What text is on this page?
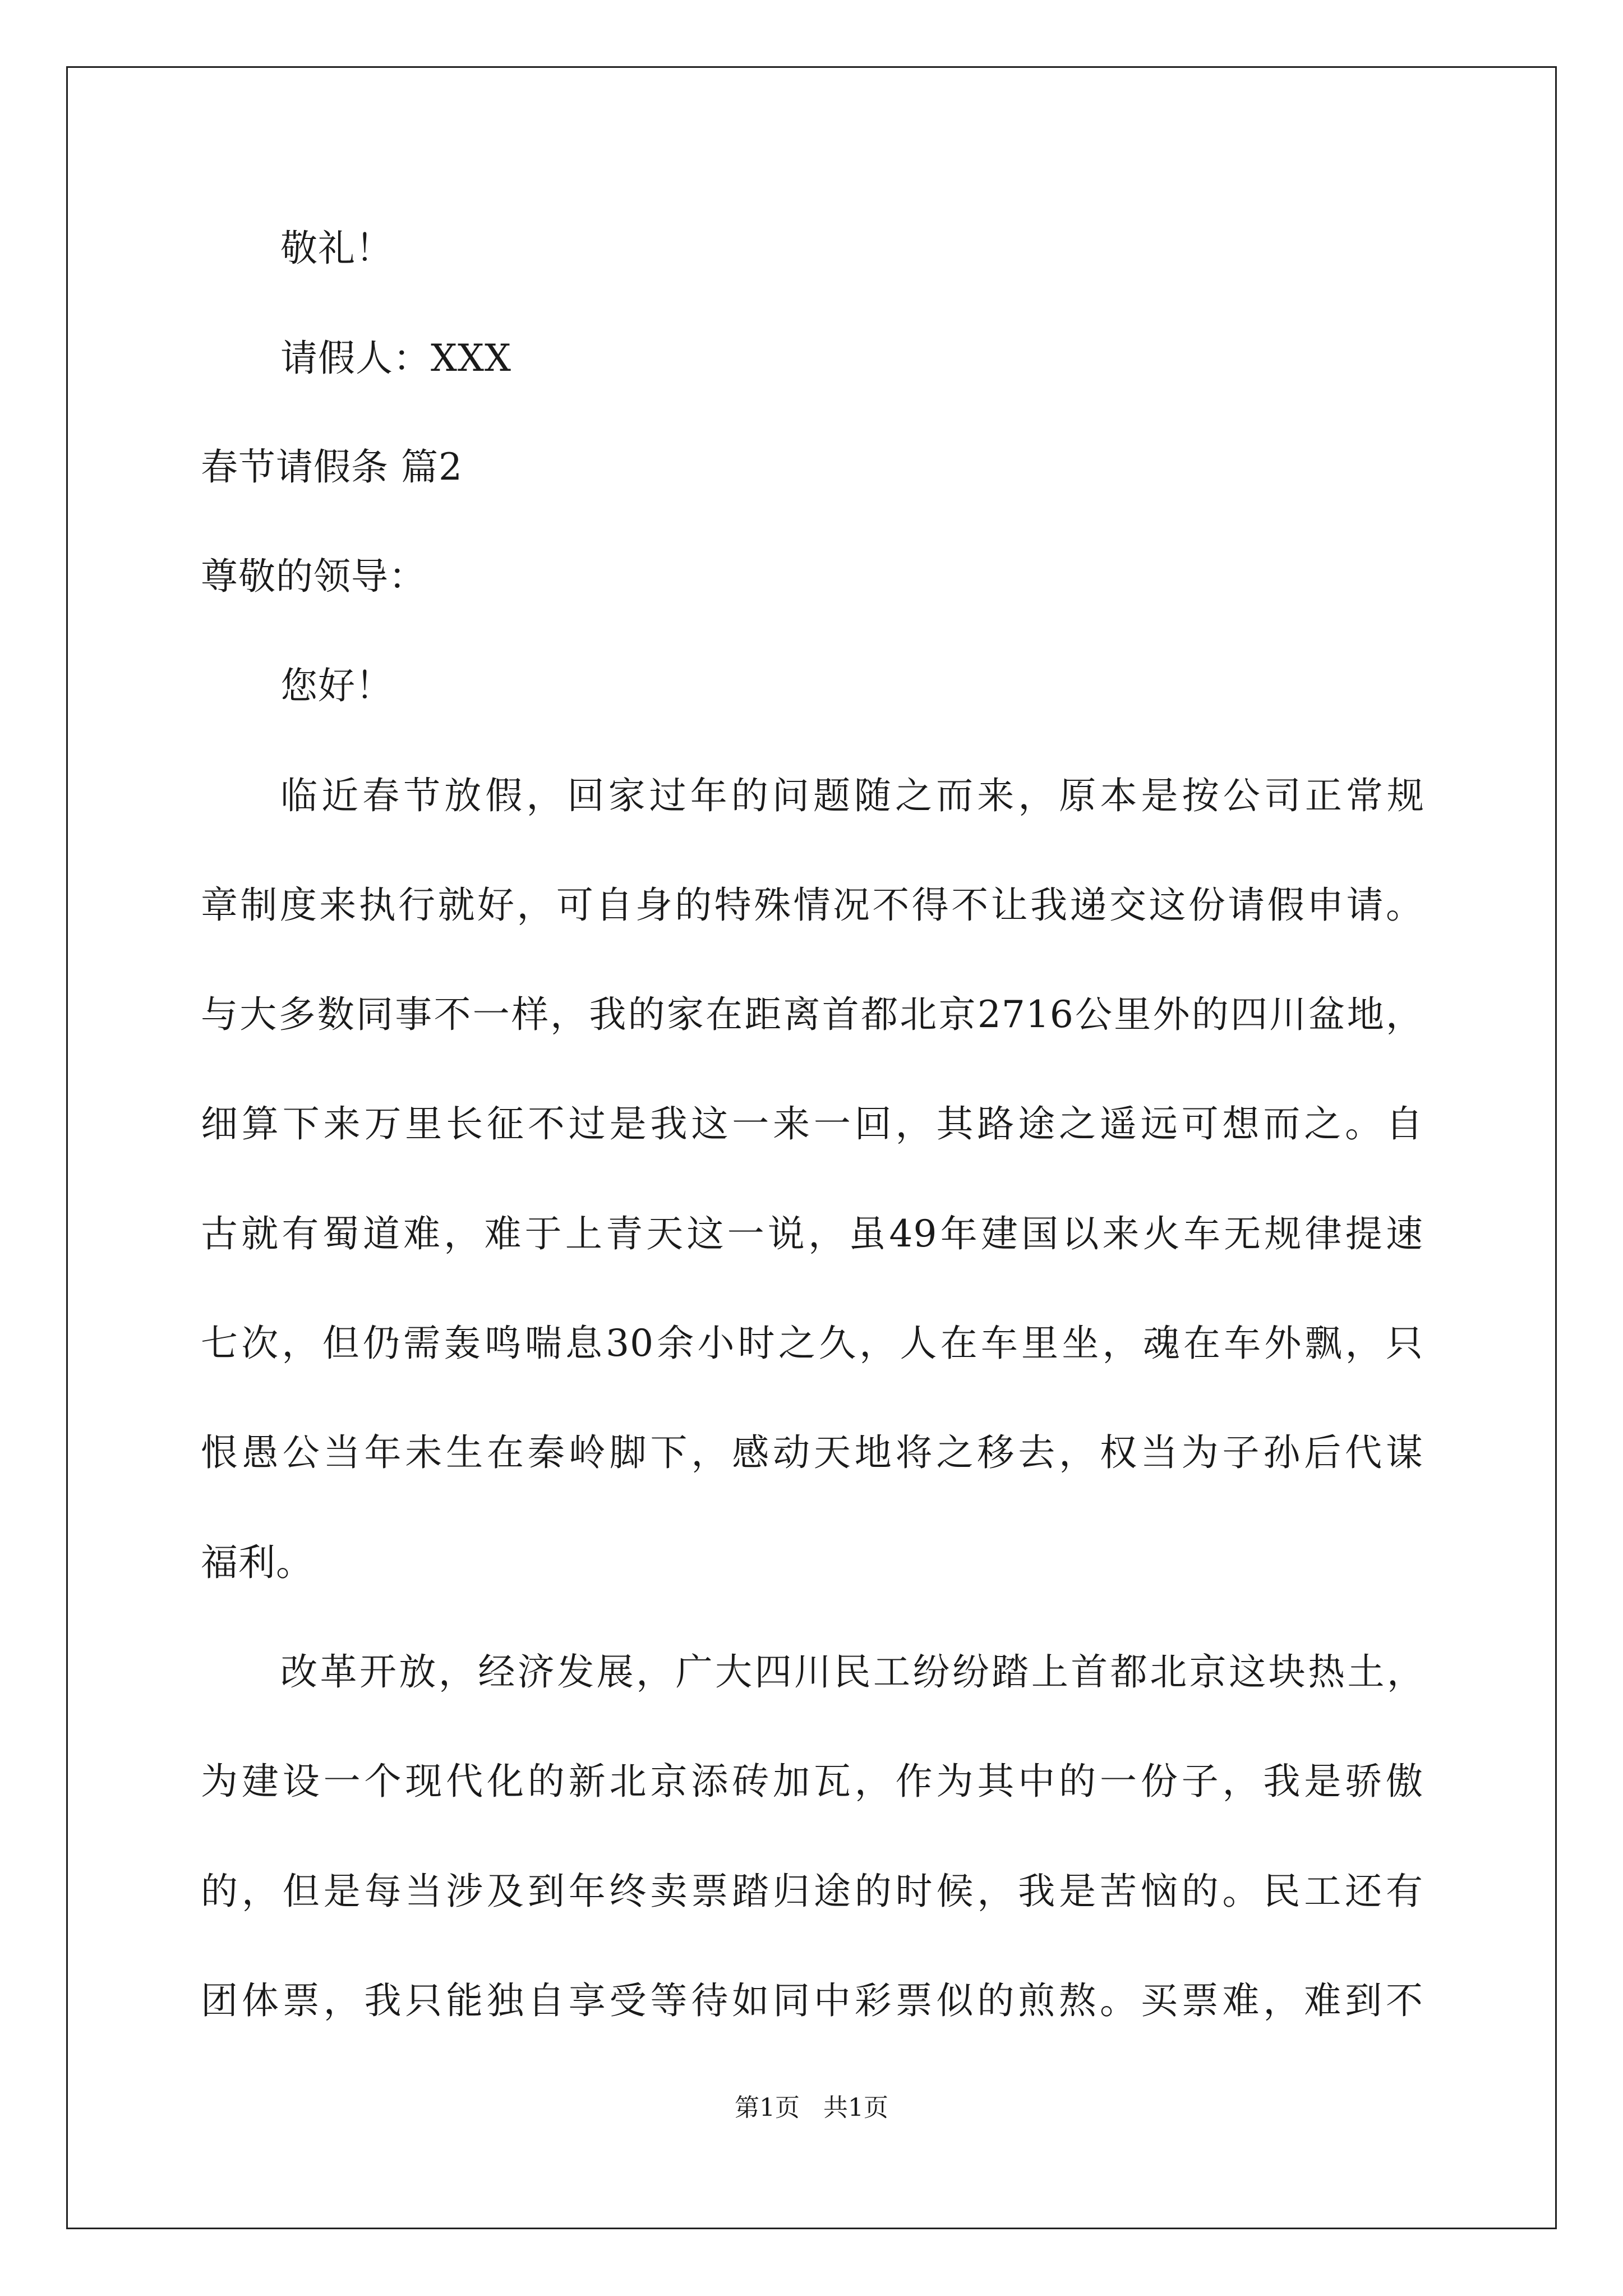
敬礼！
请假人：XXX
春节请假条 篇2
尊敬的领导：
您好！
临近春节放假，回家过年的问题随之而来，原本是按公司正常规
章制度来执行就好，可自身的特殊情况不得不让我递交这份请假申请。
与大多数同事不一样，我的家在距离首都北京2716公里外的四川盆地，
细算下来万里长征不过是我这一来一回，其路途之遥远可想而之。自
古就有蜀道难，难于上青天这一说，虽49年建国以来火车无规律提速
七次，但仍需轰鸣喘息30余小时之久，人在车里坐，魂在车外飘，只
恨愚公当年未生在秦岭脚下，感动天地将之移去，权当为子孙后代谋
福利。
改革开放，经济发展，广大四川民工纷纷踏上首都北京这块热土，
为建设一个现代化的新北京添砖加瓦，作为其中的一份子，我是骄傲
的，但是每当涉及到年终卖票踏归途的时候，我是苦恼的。民工还有
团体票，我只能独自享受等待如同中彩票似的煎熬。买票难，难到不
第1页   共1页
